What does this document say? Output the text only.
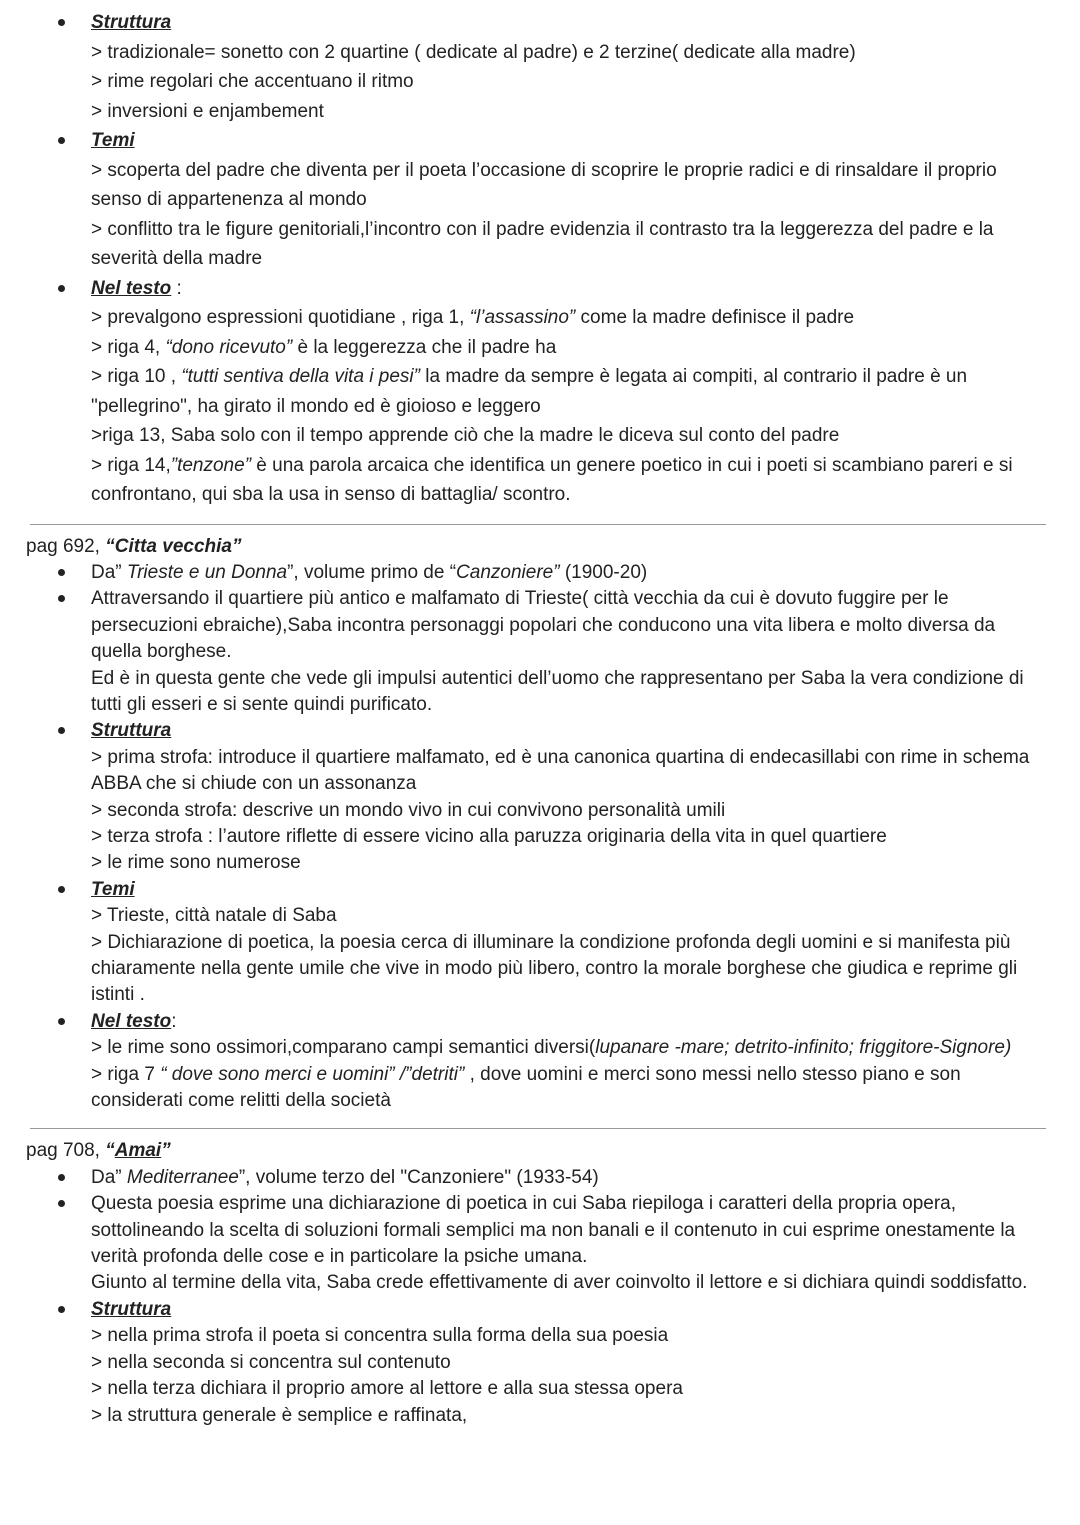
Struttura
> tradizionale= sonetto con 2 quartine ( dedicate al padre) e 2 terzine( dedicate alla madre)
> rime regolari che accentuano il ritmo
> inversioni e enjambement
Temi
> scoperta del padre che diventa per il poeta l’occasione di scoprire le proprie radici e di rinsaldare il proprio senso di appartenenza al mondo
> conflitto tra le figure genitoriali,l’incontro con il padre evidenzia il contrasto tra la leggerezza del padre e la severità della madre
Nel testo :
> prevalgono espressioni quotidiane , riga 1, “l’assassino” come la madre definisce il padre
> riga 4, “dono ricevuto” è la leggerezza che il padre ha
> riga 10 , “tutti sentiva della vita i pesi” la madre da sempre è legata ai compiti, al contrario il padre è un "pellegrino", ha girato il mondo ed è gioioso e leggero
>riga 13, Saba solo con il tempo apprende ciò che la madre le diceva sul conto del padre
> riga 14,”tenzone” è una parola arcaica che identifica un genere poetico in cui i poeti si scambiano pareri e si confrontano, qui sba la usa in senso di battaglia/ scontro.
pag 692, “Citta vecchia”
Da” Trieste e un Donna”, volume primo de “Canzoniere” (1900-20)
Attraversando il quartiere più antico e malfamato di Trieste( città vecchia da cui è dovuto fuggire per le persecuzioni ebraiche),Saba incontra personaggi popolari che conducono una vita libera e molto diversa da quella borghese.
Ed è in questa gente che vede gli impulsi autentici dell’uomo che rappresentano per Saba la vera condizione di tutti gli esseri e si sente quindi purificato.
Struttura
> prima strofa: introduce il quartiere malfamato, ed è una canonica quartina di endecasillabi con rime in schema ABBA che si chiude con un assonanza
> seconda strofa: descrive un mondo vivo in cui convivono personalità umili
> terza strofa : l’autore riflette di essere vicino alla paruzza originaria della vita in quel quartiere
> le rime sono numerose
Temi
> Trieste, città natale di Saba
> Dichiarazione di poetica, la poesia cerca di illuminare la condizione profonda degli uomini e si manifesta più chiaramente nella gente umile che vive in modo più libero, contro la morale borghese che giudica e reprime gli istinti .
Nel testo:
> le rime sono ossimori,comparano campi semantici diversi(lupanare -mare; detrito-infinito; friggitore-Signore)
> riga 7 “ dove sono merci e uomini” /”detriti” , dove uomini e merci sono messi nello stesso piano e son considerati come relitti della società
pag 708, “Amai”
Da” Mediterranee”, volume terzo del "Canzoniere" (1933-54)
Questa poesia esprime una dichiarazione di poetica in cui Saba riepiloga i caratteri della propria opera, sottolineando la scelta di soluzioni formali semplici ma non banali e il contenuto in cui esprime onestamente la verità profonda delle cose e in particolare la psiche umana.
Giunto al termine della vita, Saba crede effettivamente di aver coinvolto il lettore e si dichiara quindi soddisfatto.
Struttura
> nella prima strofa il poeta si concentra sulla forma della sua poesia
> nella seconda si concentra sul contenuto
> nella terza dichiara il proprio amore al lettore e alla sua stessa opera
> la struttura generale è semplice e raffinata,
